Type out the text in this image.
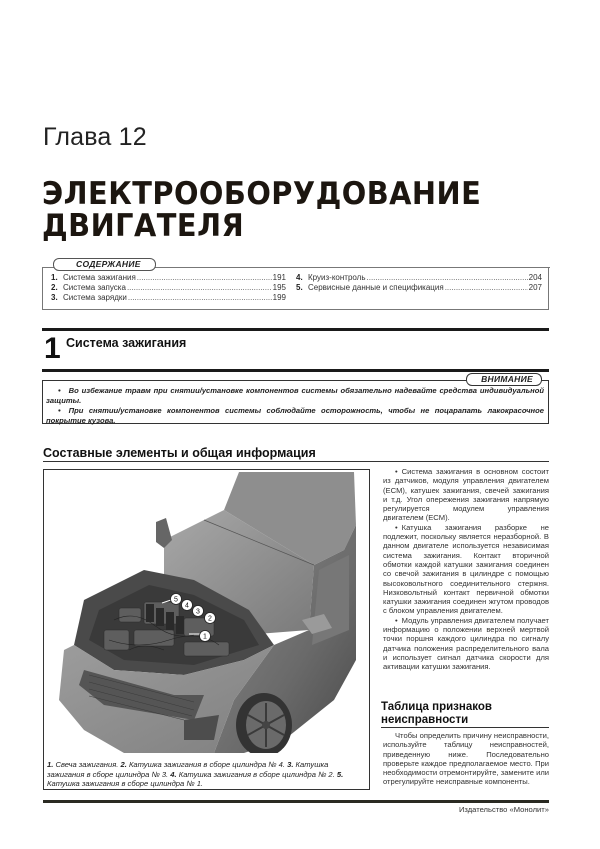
Глава 12
ЭЛЕКТРООБОРУДОВАНИЕ
ДВИГАТЕЛЯ
СОДЕРЖАНИЕ
1. Система зажигания .....	191
2. Система запуска .....	195
3. Система зарядки .....	199
4. Круиз-контроль .....	204
5. Сервисные данные и спецификация .....	207
1 Система зажигания
ВНИМАНИЕ

• Во избежание травм при снятии/установке компонентов системы обязательно надевайте средства индивидуальной защиты.

• При снятии/установке компонентов системы соблюдайте осторожность, чтобы не поцарапать лакокрасочное покрытие кузова.

Составные элементы и общая информация
5
4
3
2
1
1. Свеча зажигания. 2. Катушка зажигания в сборе цилиндра № 4. 3. Катушка зажигания в сборе цилиндра № 3. 4. Катушка зажигания в сборе цилиндра № 2. 5. Катушка зажигания в сборе цилиндра № 1.

• Система зажигания в основном состоит из датчиков, модуля управления двигателем (ECM), катушек зажигания, свечей зажигания и т.д. Угол опережения зажигания напрямую регулируется модулем управления двигателем (ECM).

• Катушка зажигания разборке не подлежит, поскольку является неразборной. В данном двигателе используется независимая система зажигания. Контакт вторичной обмотки каждой катушки зажигания соединен со свечой зажигания в цилиндре с помощью высоковольтного соединительного стержня. Низковольтный контакт первичной обмотки катушки зажигания соединен жгутом проводов с блоком управления двигателем.

• Модуль управления двигателем получает информацию о положении верхней мертвой точки поршня каждого цилиндра по сигналу датчика положения распределительного вала и использует сигнал датчика скорости для активации катушки зажигания.

Таблица признаков неисправности

Чтобы определить причину неисправности, используйте таблицу неисправностей, приведенную ниже. Последовательно проверьте каждое предполагаемое место. При необходимости отремонтируйте, замените или отрегулируйте неисправные компоненты.

Издательство «Монолит»
